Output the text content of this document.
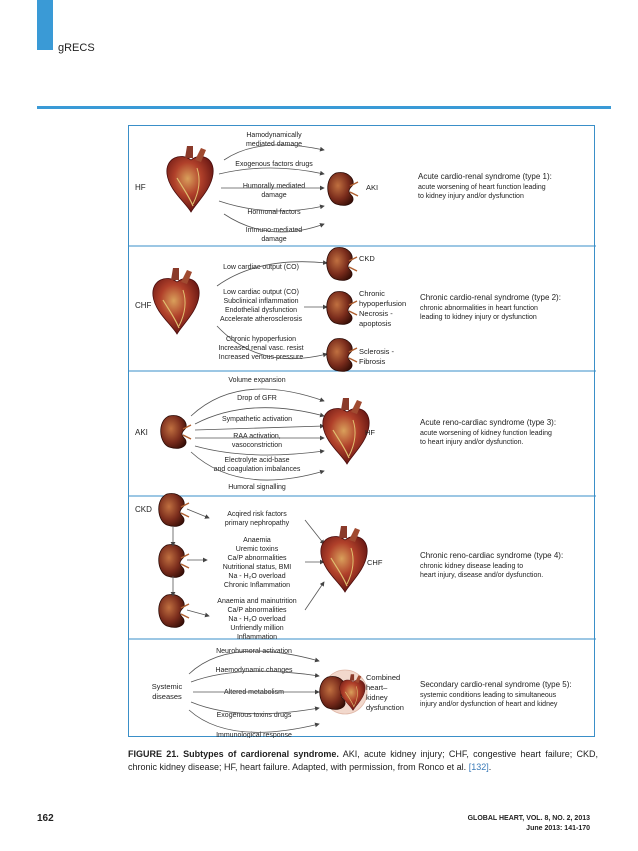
gRECS
HF
Hamodynamically
mediated damage
Exogenous factors drugs
Humorally mediated
damage
Hormonal factors
Immuno-mediated
damage
AKI
Acute cardio-renal syndrome (type 1):
acute worsening of heart function leading
to kidney injury and/or dysfunction
CHF
Low cardiac output (CO)
Low cardiac output (CO)
Subclinical inflammation
Endothelial dysfunction
Accelerate atherosclerosis
Chronic hypoperfusion
Increased renal vasc. resist
Increased venous pressure
CKD
Chronic
hypoperfusion
Necrosis -
apoptosis
Sclerosis -
Fibrosis
Chronic cardio-renal syndrome (type 2):
chronic abnormalities in heart function
leading to kidney injury or dysfunction
AKI
Volume expansion
Drop of GFR
Sympathetic activation
RAA activation,
vasoconstriction
Electrolyte acid-base
and coagulation imbalances
Humoral signalling
HF
Acute reno-cardiac syndrome (type 3):
acute worsening of kidney function leading
to heart injury and/or dysfunction.
CKD
Acqired risk factors
primary nephropathy
Anaemia
Uremic toxins
Ca/P abnormalities
Nutritional status, BMI
Na - H₂O overload
Chronic Inflammation
Anaemia and mainutrition
Ca/P abnormalities
Na - H₂O overload
Unfriendly million
Inflammation
CHF
Chronic reno-cardiac syndrome (type 4):
chronic kidney disease leading to
heart injury, disease and/or dysfunction.
Systemic
diseases
Neurohumoral activation
Haemodynamic changes
Altered metabolism
Exogenous toxins drugs
Immunological response
Combined
heart–
kidney
dysfunction
Secondary cardio-renal syndrome (type 5):
systemic conditions leading to simultaneous
injury and/or dysfunction of heart and kidney
FIGURE 21. Subtypes of cardiorenal syndrome. AKI, acute kidney injury; CHF, congestive heart failure; CKD, chronic kidney disease; HF, heart failure. Adapted, with permission, from Ronco et al. [132].
162	GLOBAL HEART, VOL. 8, NO. 2, 2013
June 2013: 141-170
